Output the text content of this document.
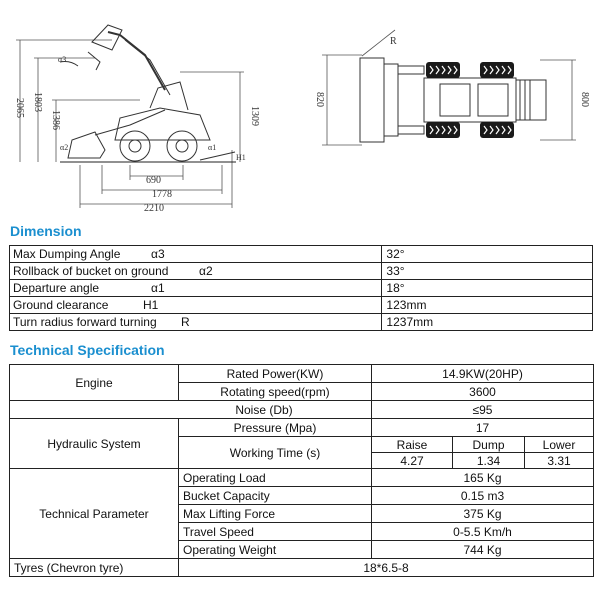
2065 1803
1386	1309
690
1778
2210
α3
α2	α1
H1
820	800
R
Dimension
Max Dumping Angle α3	32°
Rollback of bucket on ground α2	33°
Departure angle α1	18°
Ground clearance H1	123mm
Turn radius forward turning R	1237mm
Technical Specification
Engine	Rated Power(KW)	14.9KW(20HP)		
	Rotating speed(rpm)	3600		
Noise (Db)		≤95		
Hydraulic System	Pressure (Mpa)	17		
	Working Time (s)	Raise	Dump	Lower
		4.27	1.34	3.31
Technical Parameter	Operating Load	165 Kg		
	Bucket Capacity	0.15 m3		
	Max Lifting Force	375 Kg		
	Travel Speed	0-5.5 Km/h		
	Operating Weight	744 Kg		
Tyres (Chevron tyre)	18*6.5-8			
